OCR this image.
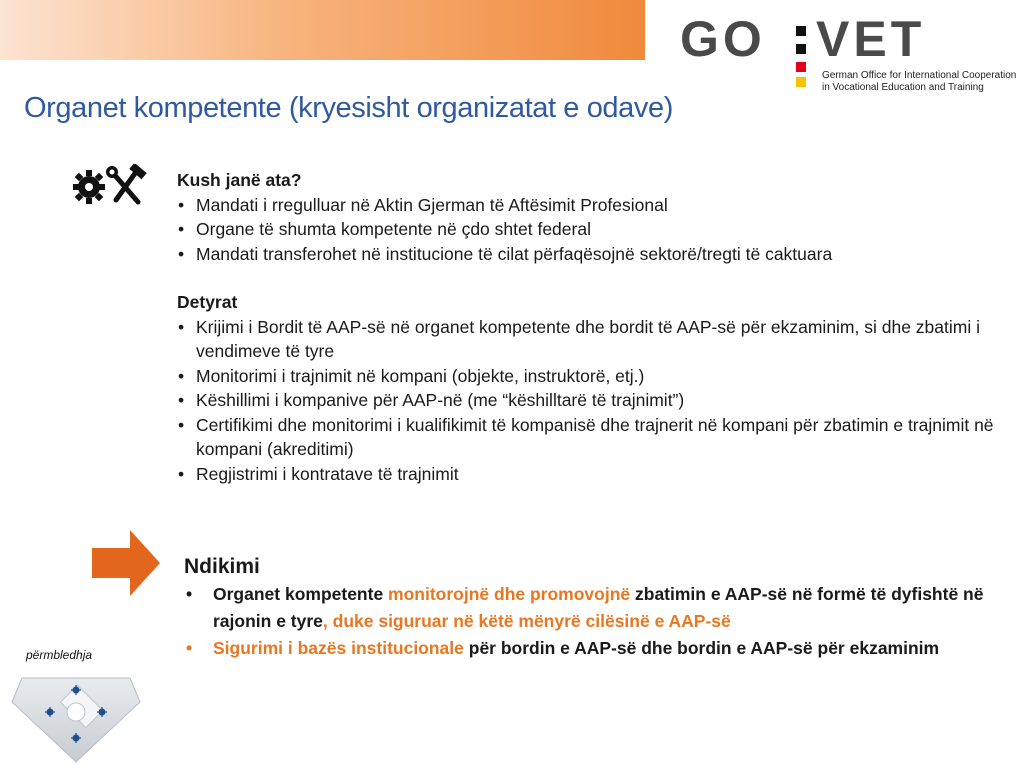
GO VET
German Office for International Cooperation
in Vocational Education and Training
Organet kompetente (kryesisht organizatat e odave)
Kush janë ata?
• Mandati i rregulluar në Aktin Gjerman të Aftësimit Profesional
• Organe të shumta kompetente në çdo shtet federal
• Mandati transferohet në institucione të cilat përfaqësojnë sektorë/tregti të caktuara
Detyrat
• Krijimi i Bordit të AAP-së në organet kompetente dhe bordit të AAP-së për ekzaminim, si dhe zbatimi i vendimeve të tyre
• Monitorimi i trajnimit në kompani (objekte, instruktorë, etj.)
• Këshillimi i kompanive për AAP-në (me “këshilltarë të trajnimit”)
• Certifikimi dhe monitorimi i kualifikimit të kompanisë dhe trajnerit në kompani për zbatimin e trajnimit në kompani (akreditimi)
• Regjistrimi i kontratave të trajnimit
Ndikimi
• Organet kompetente monitorojnë dhe promovojnë zbatimin e AAP-së në formë të dyfishtë në rajonin e tyre, duke siguruar në këtë mënyrë cilësinë e AAP-së
• Sigurimi i bazës institucionale për bordin e AAP-së dhe bordin e AAP-së për ekzaminim
përmbledhja
